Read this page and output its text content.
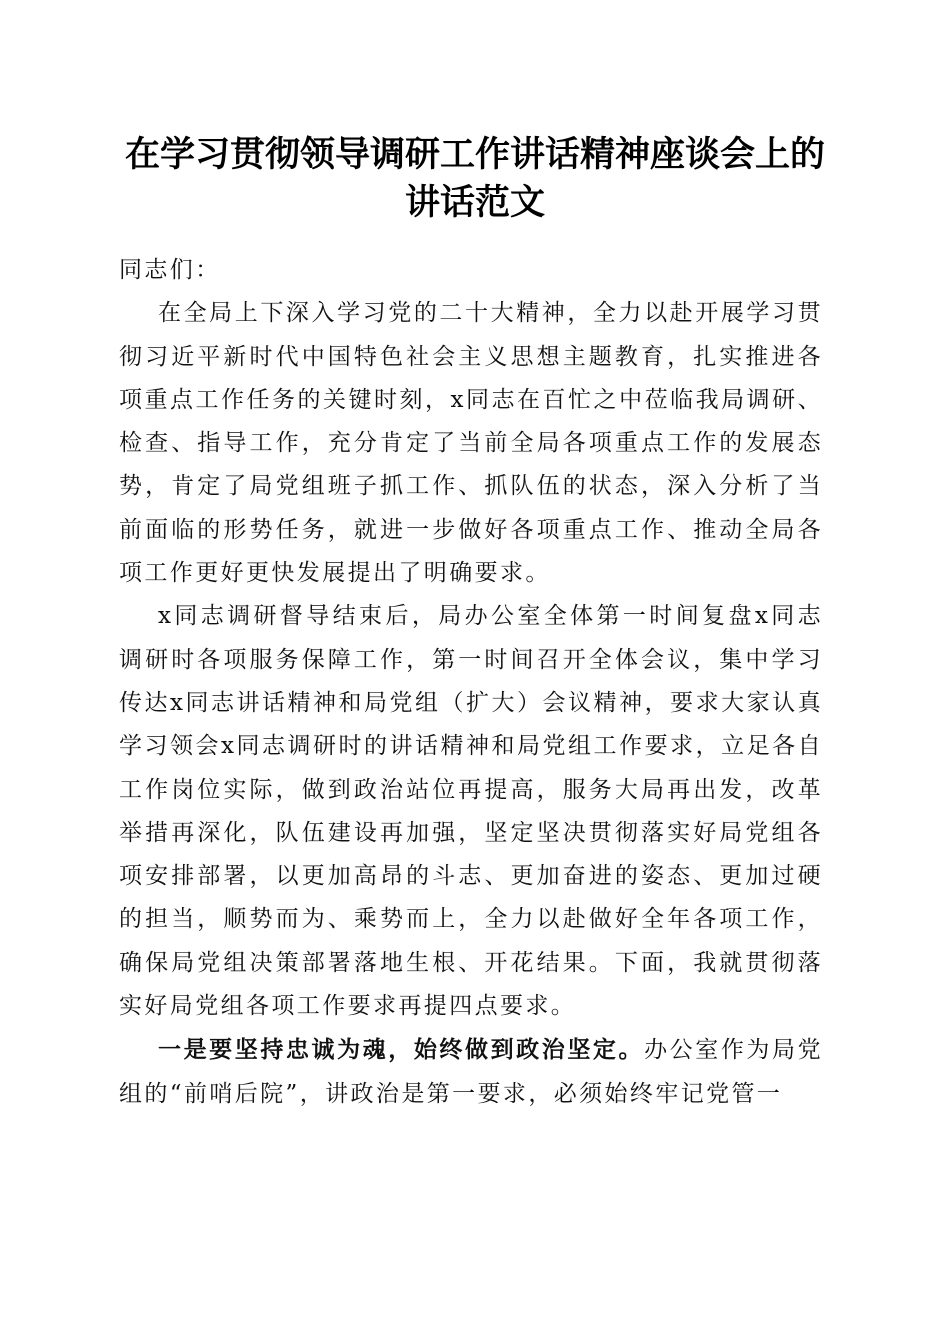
在学习贯彻领导调研工作讲话精神座谈会上的
讲话范文

同志们：

在全局上下深入学习党的二十大精神，全力以赴开展学习贯彻习近平新时代中国特色社会主义思想主题教育，扎实推进各项重点工作任务的关键时刻，x同志在百忙之中莅临我局调研、检查、指导工作，充分肯定了当前全局各项重点工作的发展态势，肯定了局党组班子抓工作、抓队伍的状态，深入分析了当前面临的形势任务，就进一步做好各项重点工作、推动全局各项工作更好更快发展提出了明确要求。

x同志调研督导结束后，局办公室全体第一时间复盘x同志调研时各项服务保障工作，第一时间召开全体会议，集中学习传达x同志讲话精神和局党组（扩大）会议精神，要求大家认真学习领会x同志调研时的讲话精神和局党组工作要求，立足各自工作岗位实际，做到政治站位再提高，服务大局再出发，改革举措再深化，队伍建设再加强，坚定坚决贯彻落实好局党组各项安排部署，以更加高昂的斗志、更加奋进的姿态、更加过硬的担当，顺势而为、乘势而上，全力以赴做好全年各项工作，确保局党组决策部署落地生根、开花结果。下面，我就贯彻落实好局党组各项工作要求再提四点要求。

一是要坚持忠诚为魂，始终做到政治坚定。办公室作为局党组的“前哨后院”，讲政治是第一要求，必须始终牢记党管一
